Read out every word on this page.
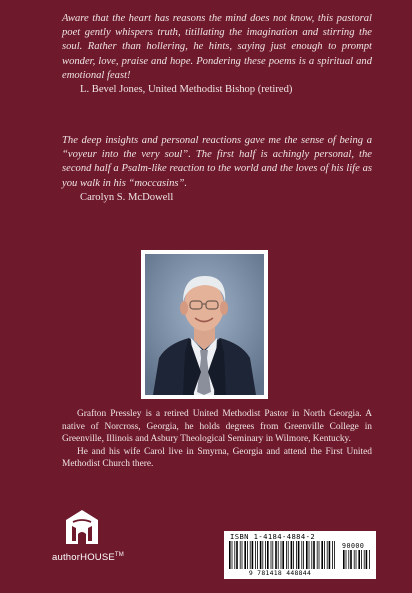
Aware that the heart has reasons the mind does not know, this pastoral poet gently whispers truth, titillating the imagination and stirring the soul. Rather than hollering, he hints, saying just enough to prompt wonder, love, praise and hope. Pondering these poems is a spiritual and emotional feast!

L. Bevel Jones, United Methodist Bishop (retired)

The deep insights and personal reactions gave me the sense of being a “voyeur into the very soul”. The first half is achingly personal, the second half a Psalm-like reaction to the world and the loves of his life as you walk in his “moccasins”.

Carolyn S. McDowell

Grafton Pressley is a retired United Methodist Pastor in North Georgia. A native of Norcross, Georgia, he holds degrees from Greenville College in Greenville, Illinois and Asbury Theological Seminary in Wilmore, Kentucky.

He and his wife Carol live in Smyrna, Georgia and attend the First United Methodist Church there.

authorHOUSE™
ISBN 1-4184-4884-2
90000
9 781418 448844
